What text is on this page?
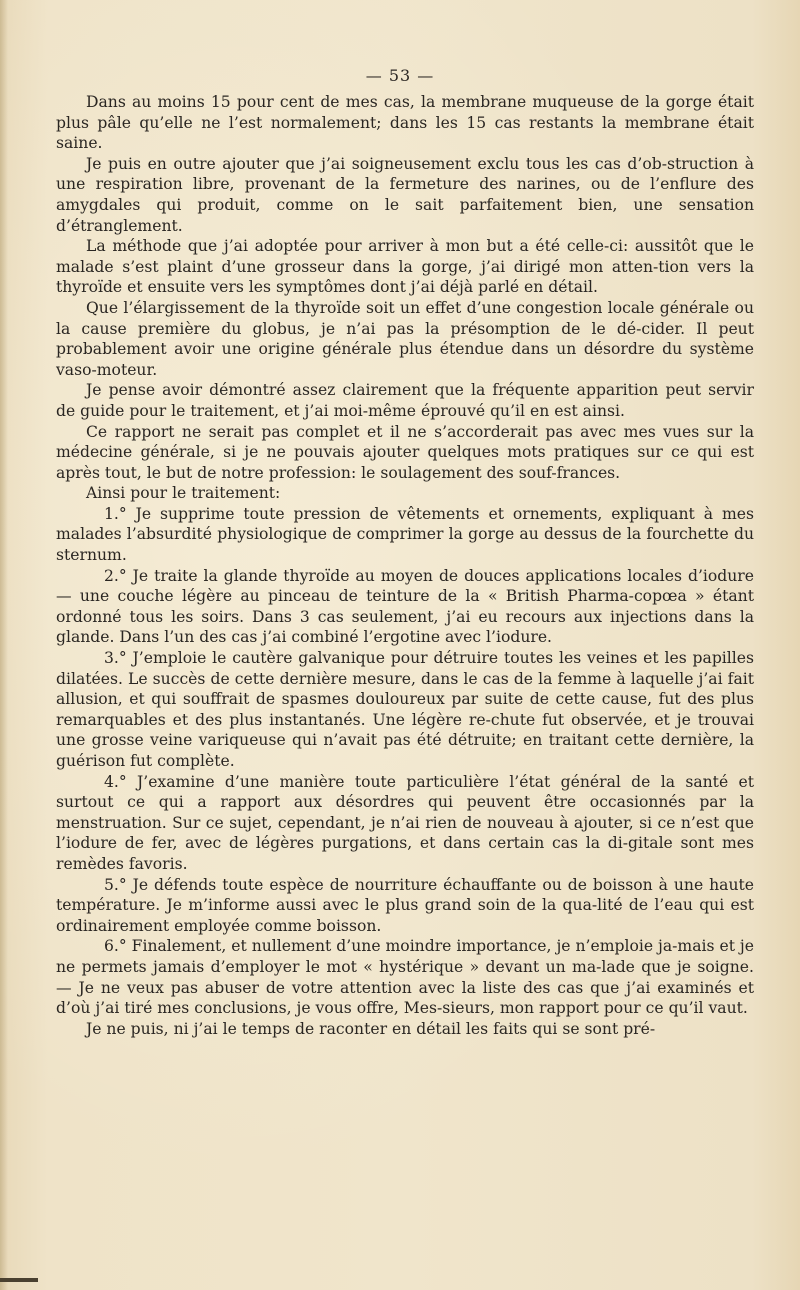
— 53 —

Dans au moins 15 pour cent de mes cas, la membrane muqueuse de la gorge était plus pâle qu’elle ne l’est normalement; dans les 15 cas restants la membrane était saine.

Je puis en outre ajouter que j’ai soigneusement exclu tous les cas d’ob-struction à une respiration libre, provenant de la fermeture des narines, ou de l’enflure des amygdales qui produit, comme on le sait parfaitement bien, une sensation d’étranglement.

La méthode que j’ai adoptée pour arriver à mon but a été celle-ci: aussitôt que le malade s’est plaint d’une grosseur dans la gorge, j’ai dirigé mon atten-tion vers la thyroïde et ensuite vers les symptômes dont j’ai déjà parlé en détail.

Que l’élargissement de la thyroïde soit un effet d’une congestion locale générale ou la cause première du globus, je n’ai pas la présomption de le dé-cider. Il peut probablement avoir une origine générale plus étendue dans un désordre du système vaso-moteur.

Je pense avoir démontré assez clairement que la fréquente apparition peut servir de guide pour le traitement, et j’ai moi-même éprouvé qu’il en est ainsi.

Ce rapport ne serait pas complet et il ne s’accorderait pas avec mes vues sur la médecine générale, si je ne pouvais ajouter quelques mots pratiques sur ce qui est après tout, le but de notre profession: le soulagement des souf-frances.

Ainsi pour le traitement:

1.° Je supprime toute pression de vêtements et ornements, expliquant à mes malades l’absurdité physiologique de comprimer la gorge au dessus de la fourchette du sternum.

2.° Je traite la glande thyroïde au moyen de douces applications locales d’iodure — une couche légère au pinceau de teinture de la « British Pharma-copœa » étant ordonné tous les soirs. Dans 3 cas seulement, j’ai eu recours aux injections dans la glande. Dans l’un des cas j’ai combiné l’ergotine avec l’iodure.

3.° J’emploie le cautère galvanique pour détruire toutes les veines et les papilles dilatées. Le succès de cette dernière mesure, dans le cas de la femme à laquelle j’ai fait allusion, et qui souffrait de spasmes douloureux par suite de cette cause, fut des plus remarquables et des plus instantanés. Une légère re-chute fut observée, et je trouvai une grosse veine variqueuse qui n’avait pas été détruite; en traitant cette dernière, la guérison fut complète.

4.° J’examine d’une manière toute particulière l’état général de la santé et surtout ce qui a rapport aux désordres qui peuvent être occasionnés par la menstruation. Sur ce sujet, cependant, je n’ai rien de nouveau à ajouter, si ce n’est que l’iodure de fer, avec de légères purgations, et dans certain cas la di-gitale sont mes remèdes favoris.

5.° Je défends toute espèce de nourriture échauffante ou de boisson à une haute température. Je m’informe aussi avec le plus grand soin de la qua-lité de l’eau qui est ordinairement employée comme boisson.

6.° Finalement, et nullement d’une moindre importance, je n’emploie ja-mais et je ne permets jamais d’employer le mot « hystérique » devant un ma-lade que je soigne. — Je ne veux pas abuser de votre attention avec la liste des cas que j’ai examinés et d’où j’ai tiré mes conclusions, je vous offre, Mes-sieurs, mon rapport pour ce qu’il vaut.

Je ne puis, ni j’ai le temps de raconter en détail les faits qui se sont pré-
